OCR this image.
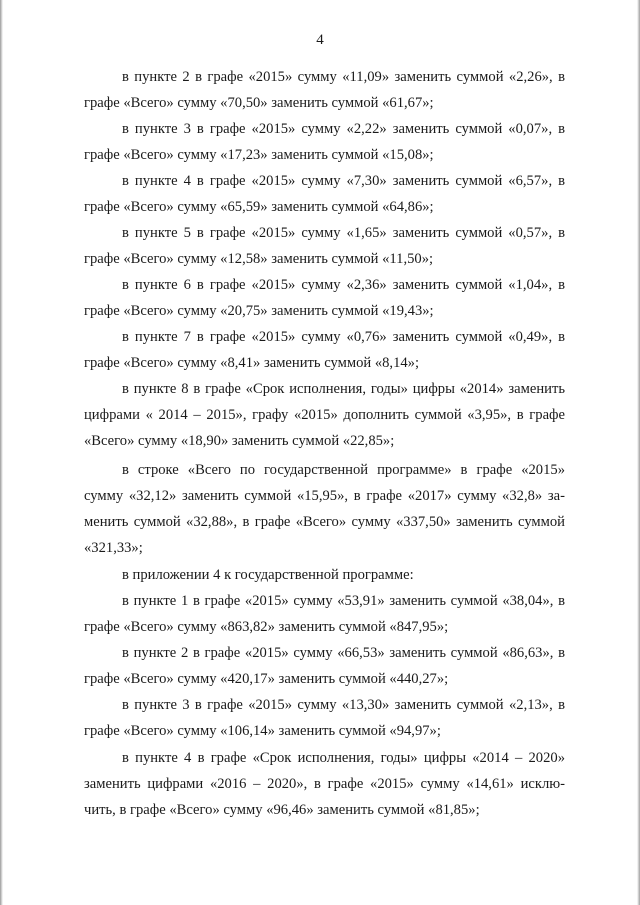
4
в пункте 2 в графе «2015» сумму «11,09» заменить суммой «2,26», в
графе «Всего» сумму «70,50» заменить суммой «61,67»;
в пункте 3 в графе «2015» сумму «2,22» заменить суммой «0,07», в
графе «Всего» сумму «17,23» заменить суммой «15,08»;
в пункте 4 в графе «2015» сумму «7,30» заменить суммой «6,57», в
графе «Всего» сумму «65,59» заменить суммой «64,86»;
в пункте 5 в графе «2015» сумму «1,65» заменить суммой «0,57», в
графе «Всего» сумму «12,58» заменить суммой «11,50»;
в пункте 6 в графе «2015» сумму «2,36» заменить суммой «1,04», в
графе «Всего» сумму «20,75» заменить суммой «19,43»;
в пункте 7 в графе «2015» сумму «0,76» заменить суммой «0,49», в
графе «Всего» сумму «8,41» заменить суммой «8,14»;
в пункте 8 в графе «Срок исполнения, годы» цифры «2014» заменить
цифрами « 2014 – 2015», графу «2015» дополнить суммой «3,95», в графе
«Всего» сумму «18,90» заменить суммой «22,85»;
в строке «Всего по государственной программе» в графе «2015»
сумму «32,12» заменить суммой «15,95», в графе «2017» сумму «32,8» за-
менить суммой «32,88», в графе «Всего» сумму «337,50» заменить суммой
«321,33»;
в приложении 4 к государственной программе:
в пункте 1 в графе «2015» сумму «53,91» заменить суммой «38,04», в
графе «Всего» сумму «863,82» заменить суммой «847,95»;
в пункте 2 в графе «2015» сумму «66,53» заменить суммой «86,63», в
графе «Всего» сумму «420,17» заменить суммой «440,27»;
в пункте 3 в графе «2015» сумму «13,30» заменить суммой «2,13», в
графе «Всего» сумму «106,14» заменить суммой «94,97»;
в пункте 4 в графе «Срок исполнения, годы» цифры «2014 – 2020»
заменить цифрами «2016 – 2020», в графе «2015» сумму «14,61» исклю-
чить, в графе «Всего» сумму «96,46» заменить суммой «81,85»;
